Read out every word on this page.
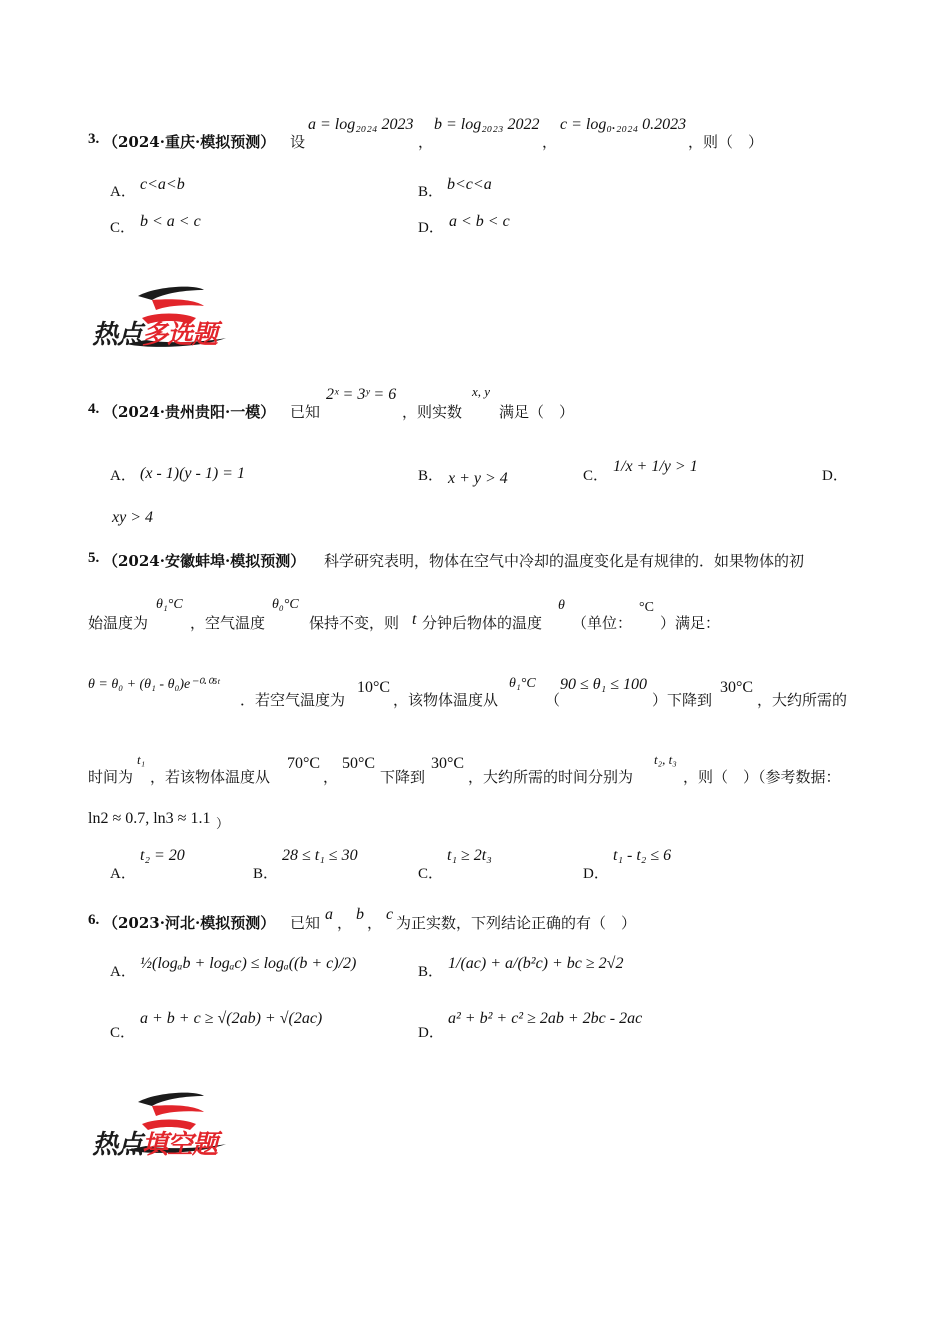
3. （2024·重庆·模拟预测） 设
a = log₂₀₂₄ 2023
，
b = log₂₀₂₃ 2022
，
c = log₀.₂₀₂₄ 0.2023
，则（　）
A． c<a<b	B． b<c<a
C． b < a < c	D． a < b < c
热点多选题
4. （2024·贵州贵阳·一模） 已知
2ˣ = 3ʸ = 6
，则实数
x, y
满足（　）
A． (x - 1)(y - 1) = 1	B． x + y > 4	C．
1/x + 1/y > 1
D．
xy > 4
5. （2024·安徽蚌埠·模拟预测） 科学研究表明，物体在空气中冷却的温度变化是有规律的．如果物体的初
始温度为
θ₁°C
，空气温度
θ₀°C
保持不变，则 t 分钟后物体的温度
θ
（单位：
°C
）满足：
θ = θ₀ + (θ₁ - θ₀)e⁻⁰·⁰⁵ᵗ
．若空气温度为
10°C
，该物体温度从
θ₁°C
（
90 ≤ θ₁ ≤ 100
）下降到
30°C
，大约所需的
时间为
t₁
，若该物体温度从
70°C
，
50°C
下降到
30°C
，大约所需的时间分别为
t₂, t₃
，则（　）（参考数据：
ln2 ≈ 0.7, ln3 ≈ 1.1 ）
A．
t₂ = 20
B．
28 ≤ t₁ ≤ 30
C．
t₁ ≥ 2t₃
D．
t₁ - t₂ ≤ 6
6. （2023·河北·模拟预测） 已知 a ， b ， c 为正实数，下列结论正确的有（　）
A． ½(logₐb + logₐc) ≤ logₐ((b + c)/2)	B． 1/(ac) + a/(b²c) + bc ≥ 2√2
C．
a + b + c ≥ √(2ab) + √(2ac)
D．
a² + b² + c² ≥ 2ab + 2bc - 2ac
热点填空题
